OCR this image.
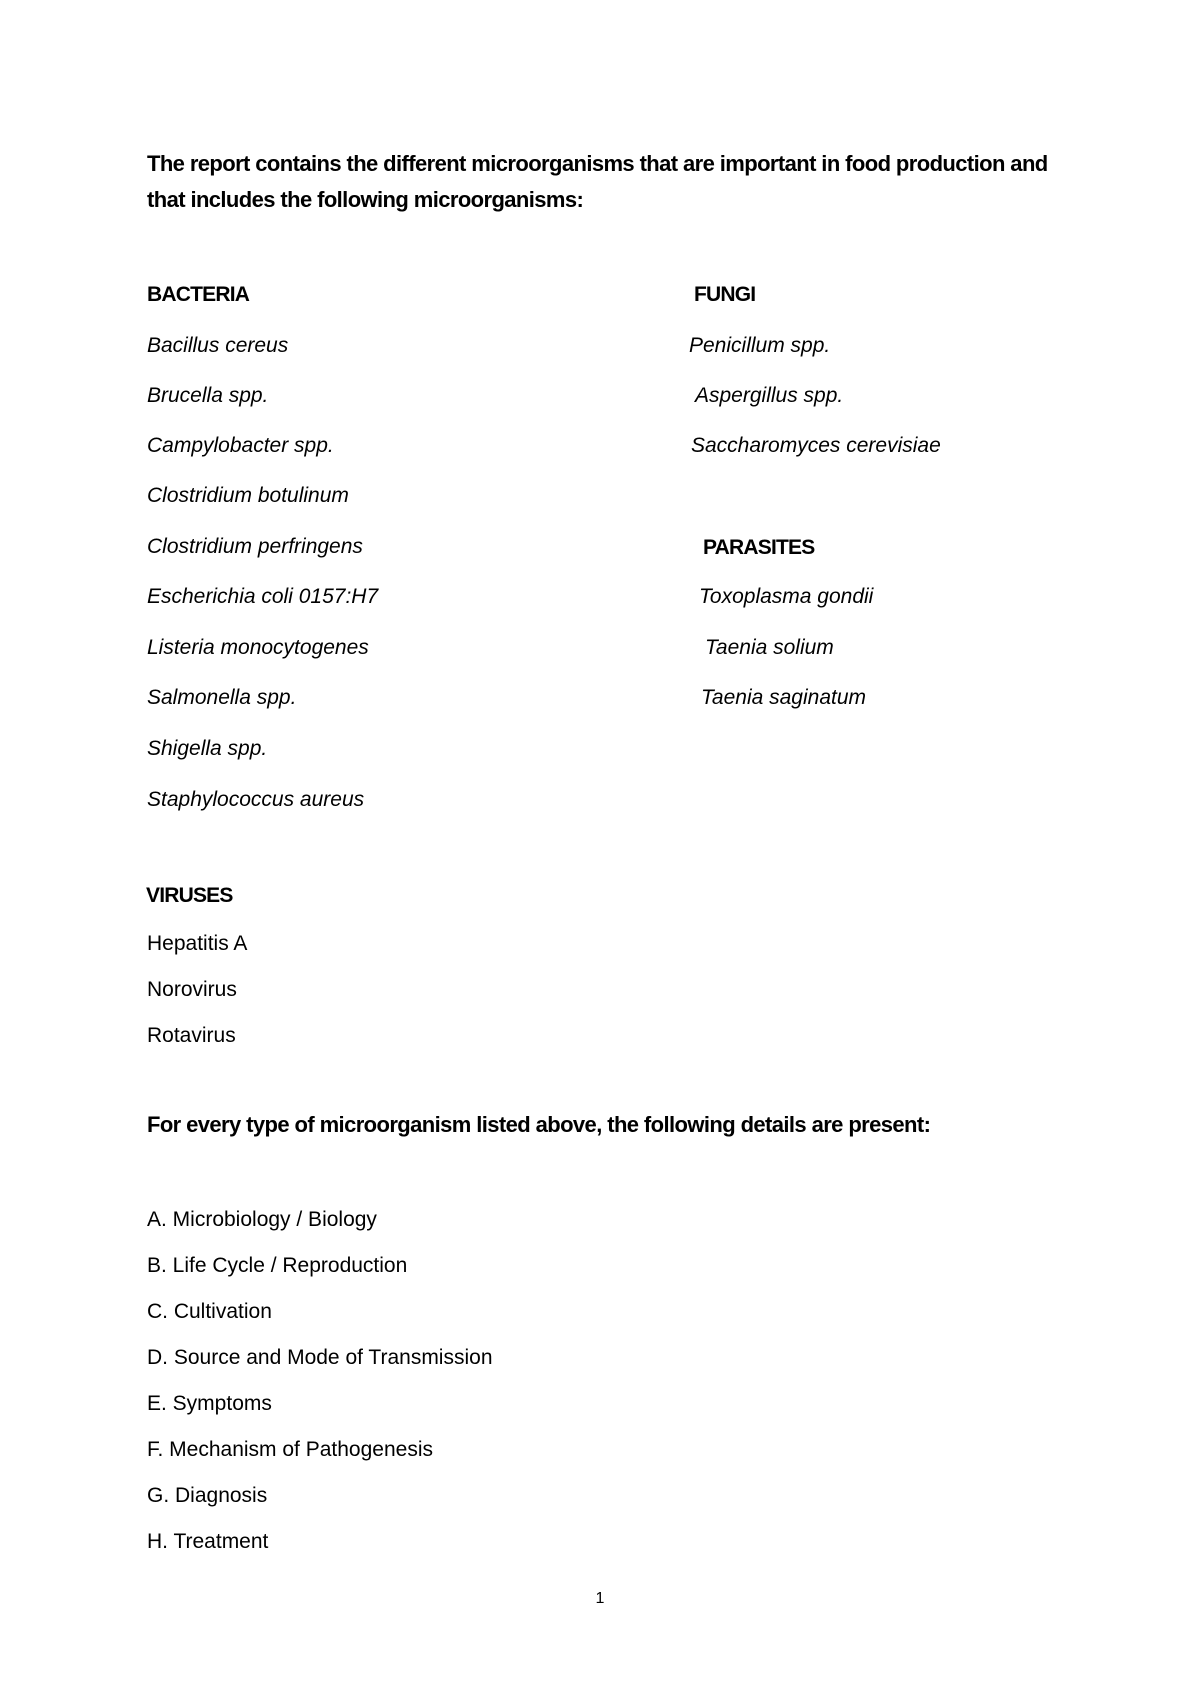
The report contains the different microorganisms that are important in food production and that includes the following microorganisms:
BACTERIA
Bacillus cereus
Brucella spp.
Campylobacter spp.
Clostridium botulinum
Clostridium perfringens
Escherichia coli 0157:H7
Listeria monocytogenes
Salmonella spp.
Shigella spp.
Staphylococcus aureus
FUNGI
Penicillum spp.
Aspergillus spp.
Saccharomyces cerevisiae
PARASITES
Toxoplasma gondii
Taenia solium
Taenia saginatum
VIRUSES
Hepatitis A
Norovirus
Rotavirus
For every type of microorganism listed above, the following details are present:
A. Microbiology / Biology
B. Life Cycle / Reproduction
C. Cultivation
D. Source and Mode of Transmission
E. Symptoms
F. Mechanism of Pathogenesis
G. Diagnosis
H. Treatment
1
